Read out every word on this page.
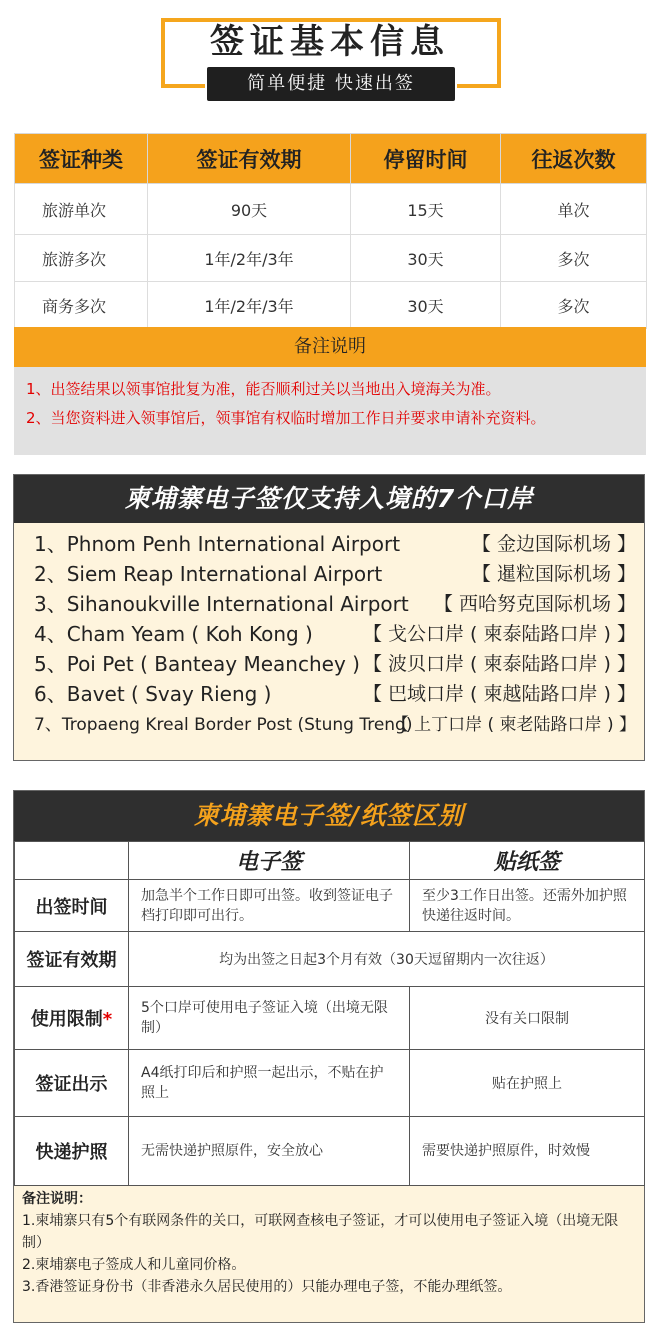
签证基本信息
简单便捷 快速出签
签证种类	签证有效期	停留时间	往返次数
旅游单次	90天	15天	单次
旅游多次	1年/2年/3年	30天	多次
商务多次	1年/2年/3年	30天	多次
备注说明

1、出签结果以领事馆批复为准，能否顺利过关以当地出入境海关为准。

2、当您资料进入领事馆后，领事馆有权临时增加工作日并要求申请补充资料。

柬埔寨电子签仅支持入境的7个口岸
1、Phnom Penh International Airport	【 金边国际机场 】
2、Siem Reap International Airport	【 暹粒国际机场 】
3、Sihanoukville International Airport 【 西哈努克国际机场 】
4、Cham Yeam ( Koh Kong )	【 戈公口岸 ( 柬泰陆路口岸 ) 】
5、Poi Pet ( Banteay Meanchey ) 【 波贝口岸 ( 柬泰陆路口岸 ) 】
6、Bavet ( Svay Rieng )	【 巴域口岸 ( 柬越陆路口岸 ) 】
7、Tropaeng Kreal Border Post (Stung Treng)
【 上丁口岸 ( 柬老陆路口岸 ) 】
柬埔寨电子签/纸签区别
	电子签	贴纸签
出签时间	加急半个工作日即可出签。收到签证电子档打印即可出行。	至少3工作日出签。还需外加护照快递往返时间。
签证有效期	均为出签之日起3个月有效（30天逗留期内一次往返）	
使用限制*	5个口岸可使用电子签证入境（出境无限制）	没有关口限制
签证出示	A4纸打印后和护照一起出示，不贴在护照上	贴在护照上
快递护照	无需快递护照原件，安全放心	需要快递护照原件，时效慢

备注说明：

1.柬埔寨只有5个有联网条件的关口，可联网查核电子签证，才可以使用电子签证入境（出境无限制）

2.柬埔寨电子签成人和儿童同价格。

3.香港签证身份书（非香港永久居民使用的）只能办理电子签，不能办理纸签。
